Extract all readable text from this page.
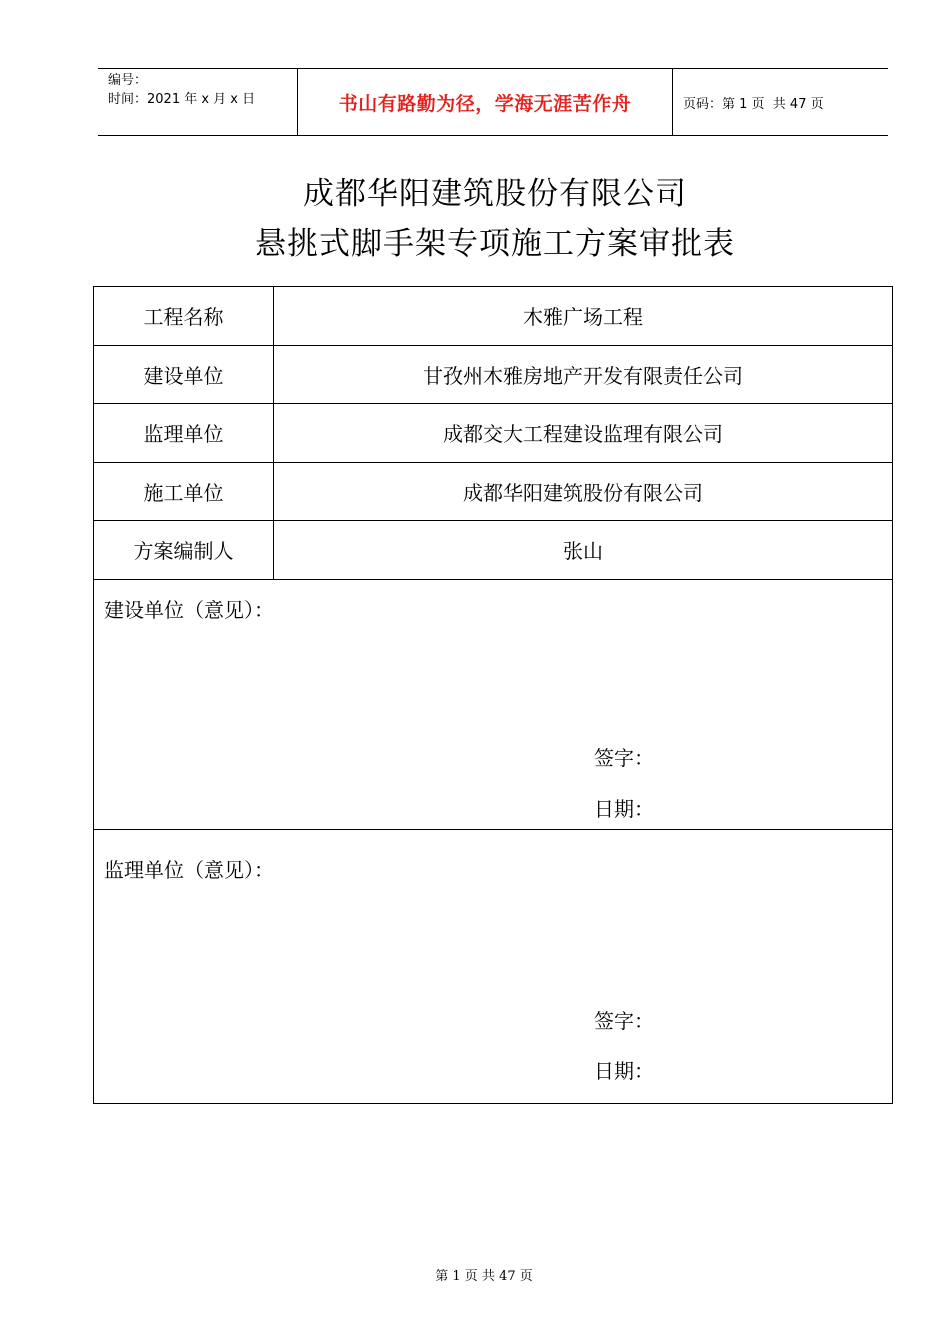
编号：
时间：2021 年 x 月 x 日	书山有路勤为径，学海无涯苦作舟	页码：第 1 页  共 47 页
成都华阳建筑股份有限公司
悬挑式脚手架专项施工方案审批表
工程名称	木雅广场工程
建设单位	甘孜州木雅房地产开发有限责任公司
监理单位	成都交大工程建设监理有限公司
施工单位	成都华阳建筑股份有限公司
方案编制人	张山
建设单位（意见）：
签字：
日期：
监理单位（意见）：
签字：
日期：
第 1 页 共 47 页
